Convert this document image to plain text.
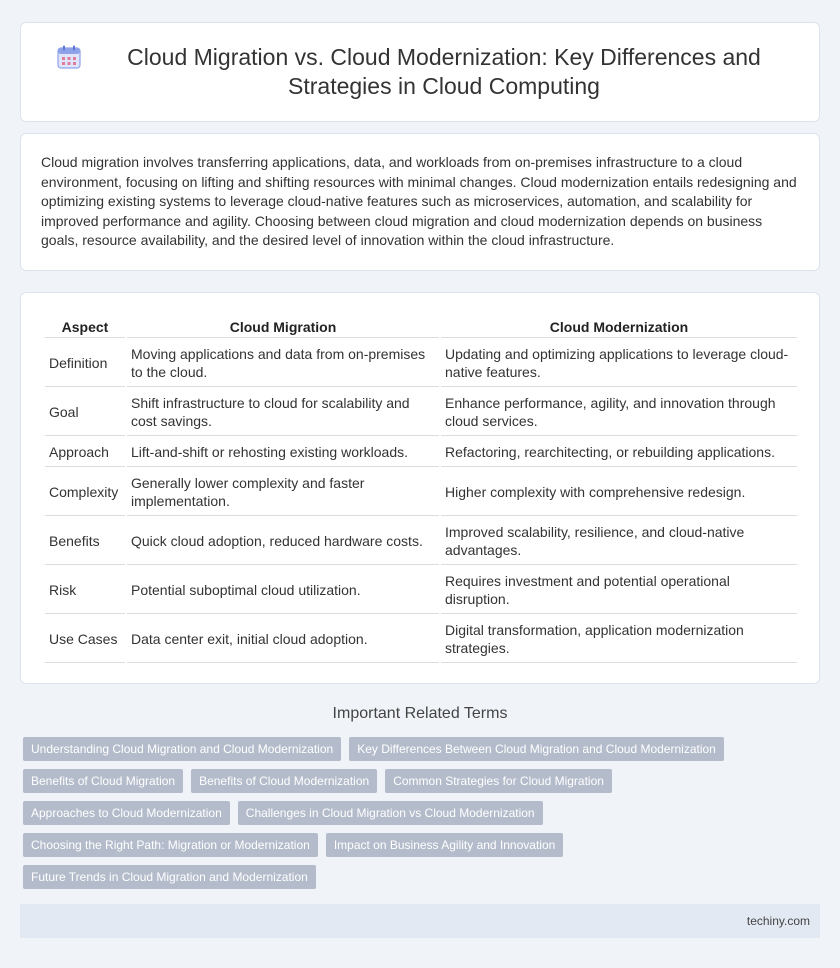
Cloud Migration vs. Cloud Modernization: Key Differences and Strategies in Cloud Computing

Cloud migration involves transferring applications, data, and workloads from on-premises infrastructure to a cloud environment, focusing on lifting and shifting resources with minimal changes. Cloud modernization entails redesigning and optimizing existing systems to leverage cloud-native features such as microservices, automation, and scalability for improved performance and agility. Choosing between cloud migration and cloud modernization depends on business goals, resource availability, and the desired level of innovation within the cloud infrastructure.

Aspect	Cloud Migration	Cloud Modernization
Definition	Moving applications and data from on-premises to the cloud.	Updating and optimizing applications to leverage cloud-native features.
Goal	Shift infrastructure to cloud for scalability and cost savings.	Enhance performance, agility, and innovation through cloud services.
Approach	Lift-and-shift or rehosting existing workloads.	Refactoring, rearchitecting, or rebuilding applications.
Complexity	Generally lower complexity and faster implementation.	Higher complexity with comprehensive redesign.
Benefits	Quick cloud adoption, reduced hardware costs.	Improved scalability, resilience, and cloud-native advantages.
Risk	Potential suboptimal cloud utilization.	Requires investment and potential operational disruption.
Use Cases	Data center exit, initial cloud adoption.	Digital transformation, application modernization strategies.
Important Related Terms
Understanding Cloud Migration and Cloud Modernization	Key Differences Between Cloud Migration and Cloud Modernization
Benefits of Cloud Migration	Benefits of Cloud Modernization	Common Strategies for Cloud Migration
Approaches to Cloud Modernization	Challenges in Cloud Migration vs Cloud Modernization
Choosing the Right Path: Migration or Modernization	Impact on Business Agility and Innovation
Future Trends in Cloud Migration and Modernization
techiny.com
